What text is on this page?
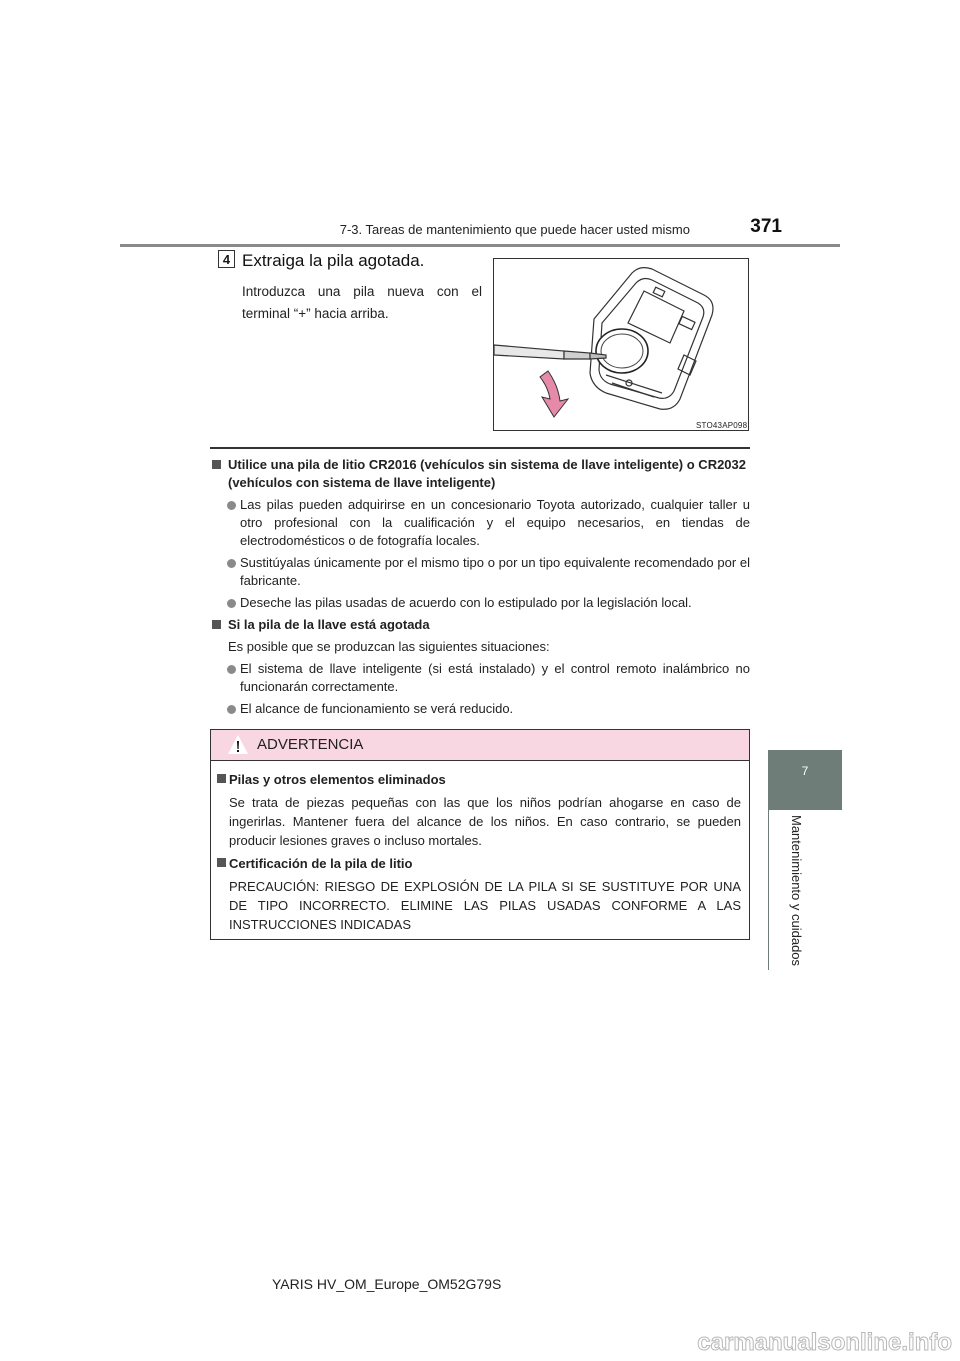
7-3. Tareas de mantenimiento que puede hacer usted mismo	371
7
Mantenimiento y cuidados
4 Extraiga la pila agotada.
Introduzca una pila nueva con el terminal “+” hacia arriba.
STO43AP098
Utilice una pila de litio CR2016 (vehículos sin sistema de llave inteligente) o CR2032 (vehículos con sistema de llave inteligente)
Las pilas pueden adquirirse en un concesionario Toyota autorizado, cualquier taller u otro profesional con la cualificación y el equipo necesarios, en tiendas de electrodomésticos o de fotografía locales.
Sustitúyalas únicamente por el mismo tipo o por un tipo equivalente recomendado por el fabricante.
Deseche las pilas usadas de acuerdo con lo estipulado por la legislación local.
Si la pila de la llave está agotada
Es posible que se produzcan las siguientes situaciones:
El sistema de llave inteligente (si está instalado) y el control remoto inalámbrico no funcionarán correctamente.
El alcance de funcionamiento se verá reducido.
ADVERTENCIA
Pilas y otros elementos eliminados
Se trata de piezas pequeñas con las que los niños podrían ahogarse en caso de ingerirlas. Mantener fuera del alcance de los niños. En caso contrario, se pueden producir lesiones graves o incluso mortales.
Certificación de la pila de litio
PRECAUCIÓN: RIESGO DE EXPLOSIÓN DE LA PILA SI SE SUSTITUYE POR UNA DE TIPO INCORRECTO. ELIMINE LAS PILAS USADAS CONFORME A LAS INSTRUCCIONES INDICADAS
YARIS HV_OM_Europe_OM52G79S
carmanualsonline.info
